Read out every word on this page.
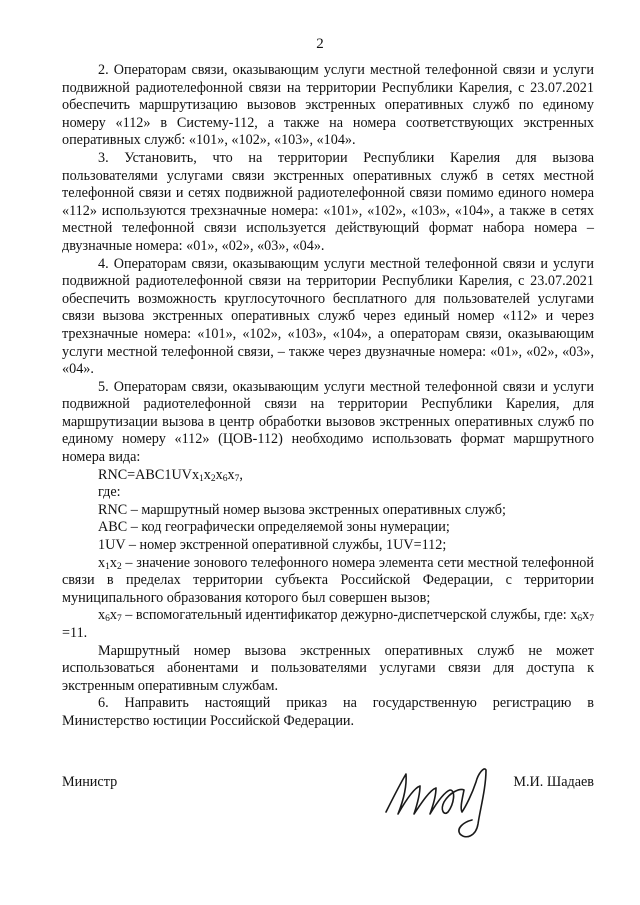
2

2. Операторам связи, оказывающим услуги местной телефонной связи и услуги подвижной радиотелефонной связи на территории Республики Карелия, с 23.07.2021 обеспечить маршрутизацию вызовов экстренных оперативных служб по единому номеру «112» в Систему-112, а также на номера соответствующих экстренных оперативных служб: «101», «102», «103», «104».

3. Установить, что на территории Республики Карелия для вызова пользователями услугами связи экстренных оперативных служб в сетях местной телефонной связи и сетях подвижной радиотелефонной связи помимо единого номера «112» используются трехзначные номера: «101», «102», «103», «104», а также в сетях местной телефонной связи используется действующий формат набора номера – двузначные номера: «01», «02», «03», «04».

4. Операторам связи, оказывающим услуги местной телефонной связи и услуги подвижной радиотелефонной связи на территории Республики Карелия, с 23.07.2021 обеспечить возможность круглосуточного бесплатного для пользователей услугами связи вызова экстренных оперативных служб через единый номер «112» и через трехзначные номера: «101», «102», «103», «104», а операторам связи, оказывающим услуги местной телефонной связи, – также через двузначные номера: «01», «02», «03», «04».

5. Операторам связи, оказывающим услуги местной телефонной связи и услуги подвижной радиотелефонной связи на территории Республики Карелия, для маршрутизации вызова в центр обработки вызовов экстренных оперативных служб по единому номеру «112» (ЦОВ-112) необходимо использовать формат маршрутного номера вида:

$RNC=ABC1UVx_1x_2x_6x_7$,

где:

RNC – маршрутный номер вызова экстренных оперативных служб;

ABC – код географически определяемой зоны нумерации;

1UV – номер экстренной оперативной службы, 1UV=112;

$x_1x_2$ – значение зонового телефонного номера элемента сети местной телефонной связи в пределах территории субъекта Российской Федерации, с территории муниципального образования которого был совершен вызов;

$x_6x_7$ – вспомогательный идентификатор дежурно-диспетчерской службы, где: $x_6x_7 =11$.

Маршрутный номер вызова экстренных оперативных служб не может использоваться абонентами и пользователями услугами связи для доступа к экстренным оперативным службам.

6. Направить настоящий приказ на государственную регистрацию в Министерство юстиции Российской Федерации.

Министр	М.И. Шадаев
